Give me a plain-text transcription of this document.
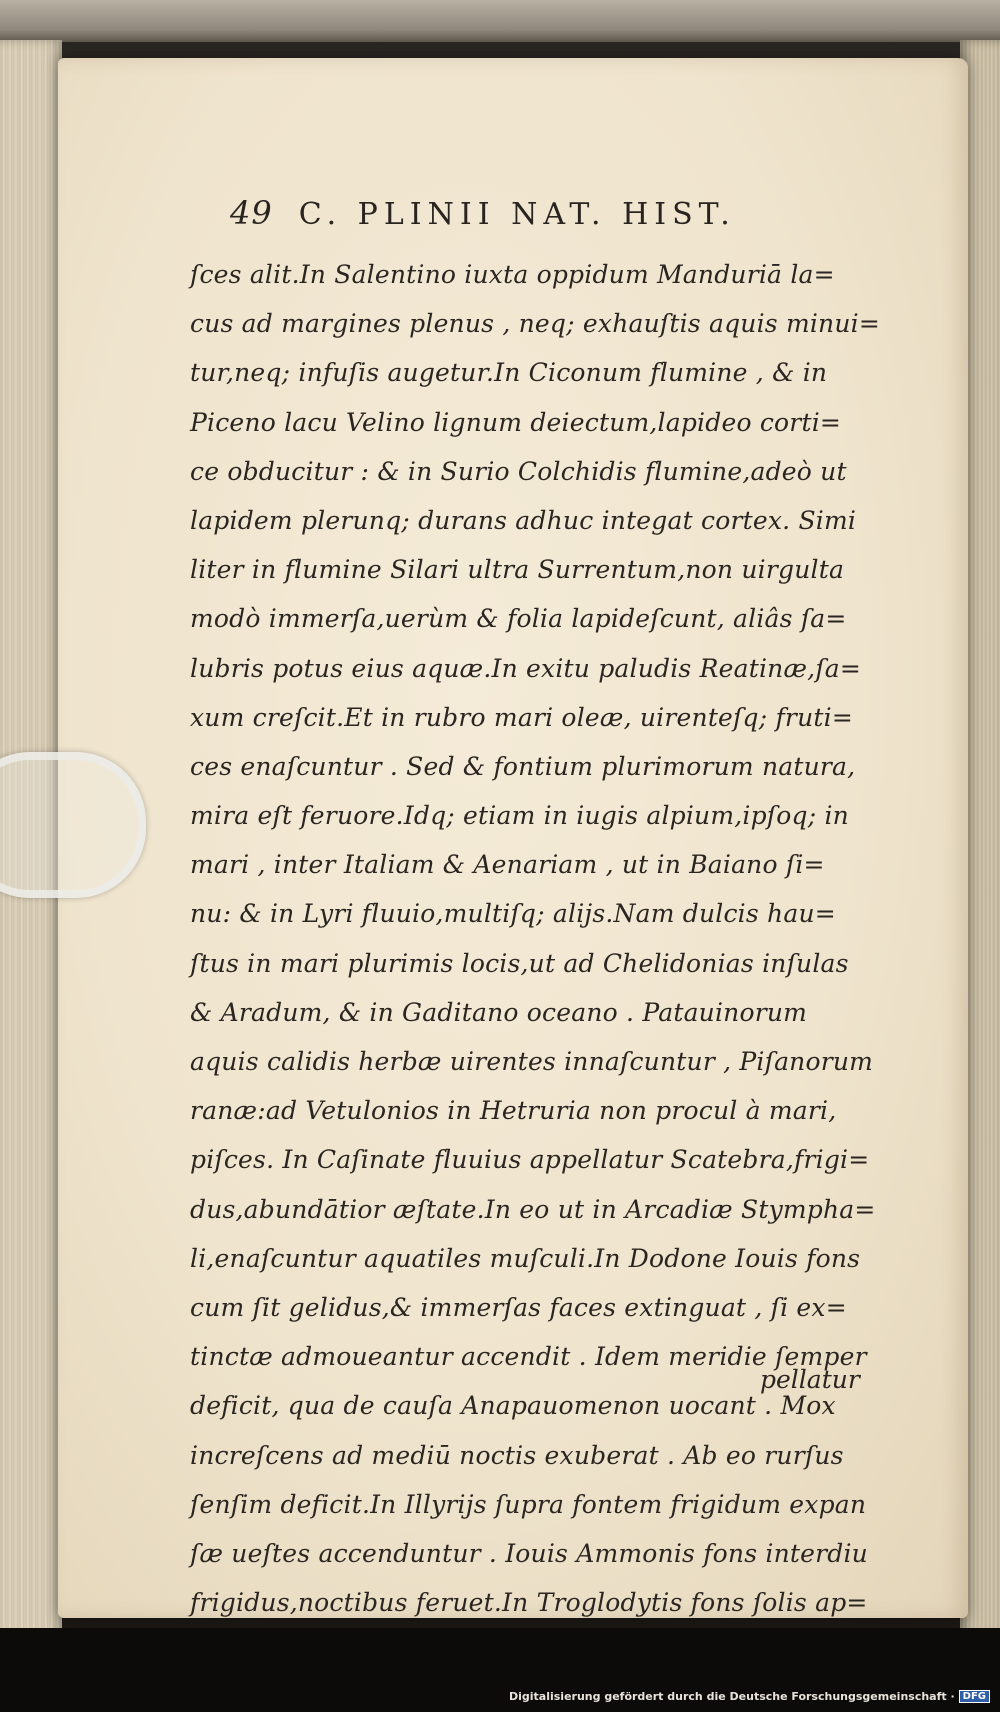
49 C. PLINII NAT. HIST.
ſces alit.In Salentino iuxta oppidum Manduriā la=
cus ad margines plenus , neq; exhauſtis aquis minui=
tur,neq; infuſis augetur.In Ciconum flumine , & in
Piceno lacu Velino lignum deiectum,lapideo corti=
ce obducitur : & in Surio Colchidis flumine,adeò ut
lapidem plerunq; durans adhuc integat cortex. Simi
liter in flumine Silari ultra Surrentum,non uirgulta
modò immerſa,uerùm & folia lapideſcunt, aliâs ſa=
lubris potus eius aquæ.In exitu paludis Reatinæ,ſa=
xum creſcit.Et in rubro mari oleæ, uirenteſq; fruti=
ces enaſcuntur . Sed & fontium plurimorum natura,
mira eſt feruore.Idq; etiam in iugis alpium,ipſoq; in
mari , inter Italiam & Aenariam , ut in Baiano ſi=
nu: & in Lyri fluuio,multiſq; alijs.Nam dulcis hau=
ſtus in mari plurimis locis,ut ad Chelidonias inſulas
& Aradum, & in Gaditano oceano . Patauinorum
aquis calidis herbæ uirentes innaſcuntur , Piſanorum
ranæ:ad Vetulonios in Hetruria non procul à mari,
piſces. In Caſinate fluuius appellatur Scatebra,frigi=
dus,abundātior æſtate.In eo ut in Arcadiæ Stympha=
li,enaſcuntur aquatiles muſculi.In Dodone Iouis fons
cum ſit gelidus,& immerſas faces extinguat , ſi ex=
tinctæ admoueantur accendit . Idem meridie ſemper
deficit, qua de cauſa Anapauomenon uocant . Mox
increſcens ad mediū noctis exuberat . Ab eo rurſus
ſenſim deficit.In Illyrijs ſupra fontem frigidum expan
ſæ ueſtes accenduntur . Iouis Ammonis fons interdiu
frigidus,noctibus feruet.In Troglodytis fons ſolis ap=
pellatur
Digitalisierung gefördert durch die Deutsche Forschungsgemeinschaft · DFG
